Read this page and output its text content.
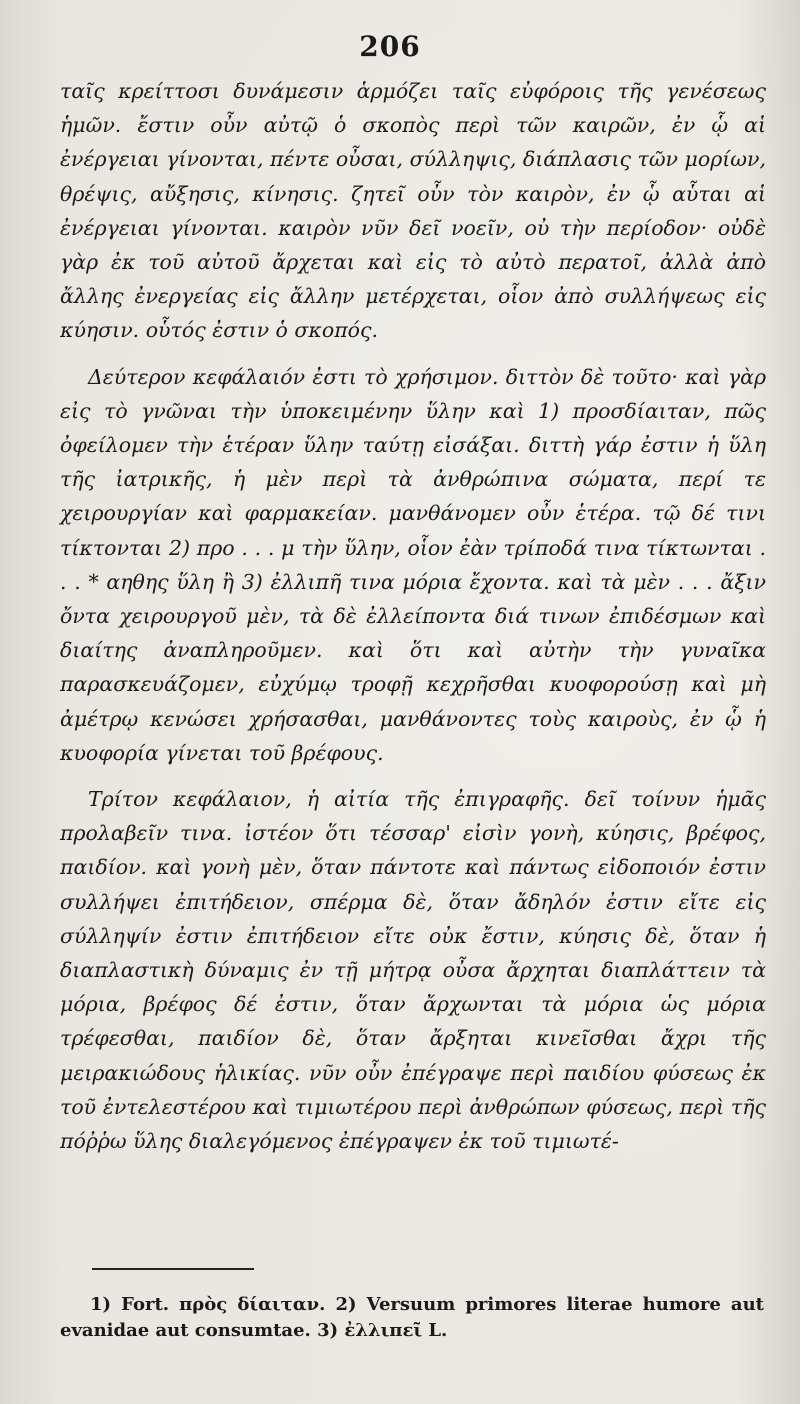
206

ταῖς κρείττοσι δυνάμεσιν ἁρμόζει ταῖς εὐφόροις τῆς γενέσεως ἡμῶν. ἔστιν οὖν αὐτῷ ὁ σκοπὸς περὶ τῶν καιρῶν, ἐν ᾧ αἱ ἐνέργειαι γίνονται, πέντε οὖσαι, σύλληψις, διάπλασις τῶν μορίων, θρέψις, αὔξησις, κίνησις. ζητεῖ οὖν τὸν καιρὸν, ἐν ᾧ αὗται αἱ ἐνέργειαι γίνονται. καιρὸν νῦν δεῖ νοεῖν, οὐ τὴν περίοδον· οὐδὲ γὰρ ἐκ τοῦ αὐτοῦ ἄρχεται καὶ εἰς τὸ αὐτὸ περατοῖ, ἀλλὰ ἀπὸ ἄλλης ἐνεργείας εἰς ἄλλην μετέρχεται, οἷον ἀπὸ συλλήψεως εἰς κύησιν. οὗτός ἐστιν ὁ σκοπός.

Δεύτερον κεφάλαιόν ἐστι τὸ χρήσιμον. διττὸν δὲ τοῦτο· καὶ γὰρ εἰς τὸ γνῶναι τὴν ὑποκειμένην ὕλην καὶ 1) προσδίαιταν, πῶς ὀφείλομεν τὴν ἑτέραν ὕλην ταύτῃ εἰσάξαι. διττὴ γάρ ἐστιν ἡ ὕλη τῆς ἰατρικῆς, ἡ μὲν περὶ τὰ ἀνθρώπινα σώματα, περί τε χειρουργίαν καὶ φαρμακείαν. μανθάνομεν οὖν ἑτέρα. τῷ δέ τινι τίκτονται 2) προ . . . μ τὴν ὕλην, οἷον ἐὰν τρίποδά τινα τίκτωνται . . . * αηθης ὕλη ἢ 3) ἐλλιπῆ τινα μόρια ἔχοντα. καὶ τὰ μὲν . . . ἄξιν ὄντα χειρουργοῦ μὲν, τὰ δὲ ἐλλείποντα διά τινων ἐπιδέσμων καὶ διαίτης ἀναπληροῦμεν. καὶ ὅτι καὶ αὐτὴν τὴν γυναῖκα παρασκευάζομεν, εὐχύμῳ τροφῇ κεχρῆσθαι κυοφορούσῃ καὶ μὴ ἀμέτρῳ κενώσει χρήσασθαι, μανθάνοντες τοὺς καιροὺς, ἐν ᾧ ἡ κυοφορία γίνεται τοῦ βρέφους.

Τρίτον κεφάλαιον, ἡ αἰτία τῆς ἐπιγραφῆς. δεῖ τοίνυν ἡμᾶς προλαβεῖν τινα. ἰστέον ὅτι τέσσαρ' εἰσὶν γονὴ, κύησις, βρέφος, παιδίον. καὶ γονὴ μὲν, ὅταν πάντοτε καὶ πάντως εἰδοποιόν ἐστιν συλλήψει ἐπιτήδειον, σπέρμα δὲ, ὅταν ἄδηλόν ἐστιν εἴτε εἰς σύλληψίν ἐστιν ἐπιτήδειον εἴτε οὐκ ἔστιν, κύησις δὲ, ὅταν ἡ διαπλαστικὴ δύναμις ἐν τῇ μήτρᾳ οὖσα ἄρχηται διαπλάττειν τὰ μόρια, βρέφος δέ ἐστιν, ὅταν ἄρχωνται τὰ μόρια ὡς μόρια τρέφεσθαι, παιδίον δὲ, ὅταν ἄρξηται κινεῖσθαι ἄχρι τῆς μειρακιώδους ἡλικίας. νῦν οὖν ἐπέγραψε περὶ παιδίου φύσεως ἐκ τοῦ ἐντελεστέρου καὶ τιμιωτέρου περὶ ἀνθρώπων φύσεως, περὶ τῆς πόῤῥω ὕλης διαλεγόμενος ἐπέγραψεν ἐκ τοῦ τιμιωτέ-

1) Fort. πρὸς δίαιταν. 2) Versuum primores literae humore aut evanidae aut consumtae. 3) ἐλλιπεῖ L.
